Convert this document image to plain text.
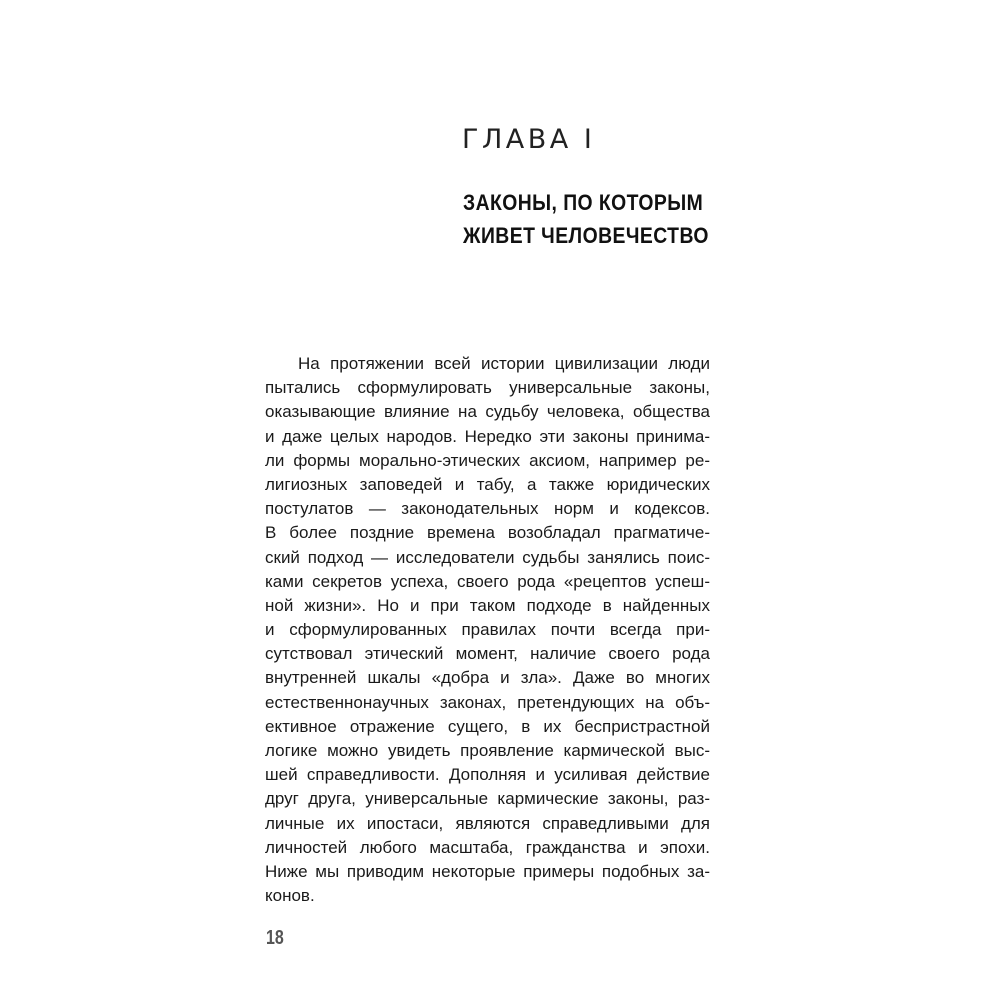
ГЛАВА I
ЗАКОНЫ, ПО КОТОРЫМ
ЖИВЕТ ЧЕЛОВЕЧЕСТВО
На протяжении всей истории цивилизации люди
пытались сформулировать универсальные законы,
оказывающие влияние на судьбу человека, общества
и даже целых народов. Нередко эти законы принима-
ли формы морально-этических аксиом, например ре-
лигиозных заповедей и табу, а также юридических
постулатов — законодательных норм и кодексов.
В более поздние времена возобладал прагматиче-
ский подход — исследователи судьбы занялись поис-
ками секретов успеха, своего рода «рецептов успеш-
ной жизни». Но и при таком подходе в найденных
и сформулированных правилах почти всегда при-
сутствовал этический момент, наличие своего рода
внутренней шкалы «добра и зла». Даже во многих
естественнонаучных законах, претендующих на объ-
ективное отражение сущего, в их беспристрастной
логике можно увидеть проявление кармической выс-
шей справедливости. Дополняя и усиливая действие
друг друга, универсальные кармические законы, раз-
личные их ипостаси, являются справедливыми для
личностей любого масштаба, гражданства и эпохи.
Ниже мы приводим некоторые примеры подобных за-
конов.
18
